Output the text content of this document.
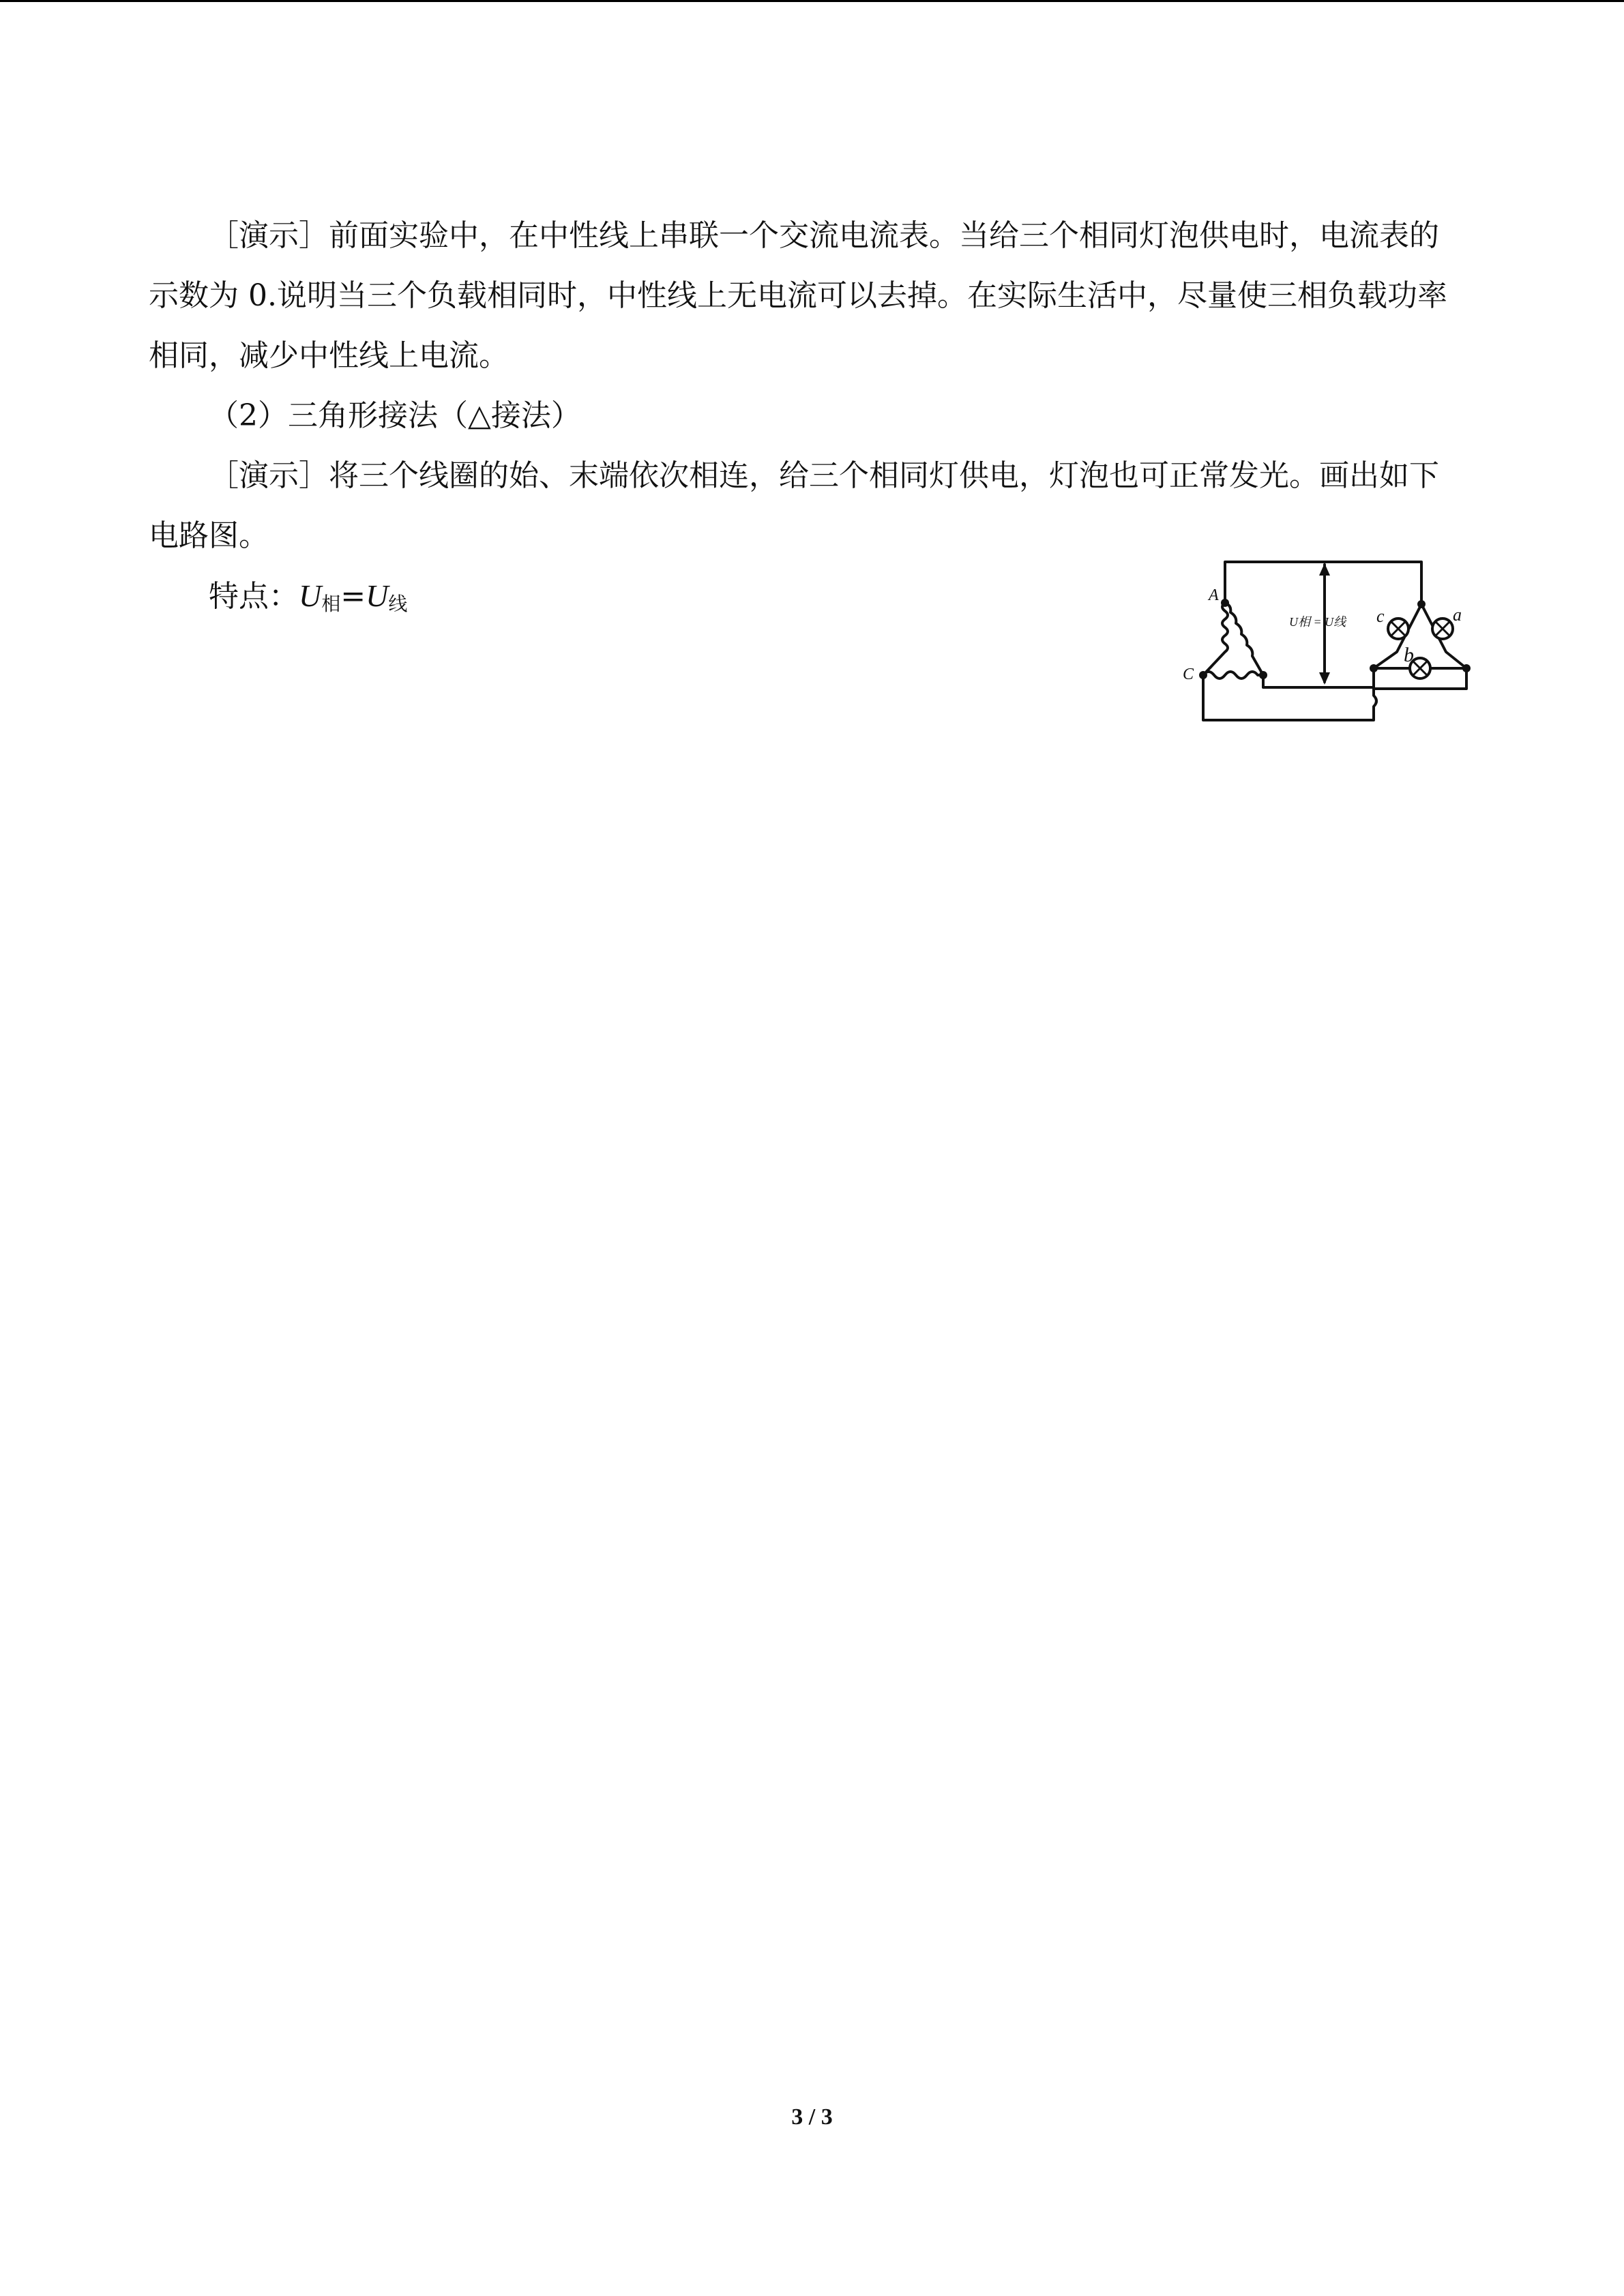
［演示］前面实验中，在中性线上串联一个交流电流表。当给三个相同灯泡供电时，电流表的示数为 0.说明当三个负载相同时，中性线上无电流可以去掉。在实际生活中，尽量使三相负载功率相同，减少中性线上电流。

（2）三角形接法（△接法）

［演示］将三个线圈的始、末端依次相连，给三个相同灯供电，灯泡也可正常发光。画出如下电路图。

特点：$U_相=U_线$	A
C
c	a
b
U相 = U线
3 / 3
